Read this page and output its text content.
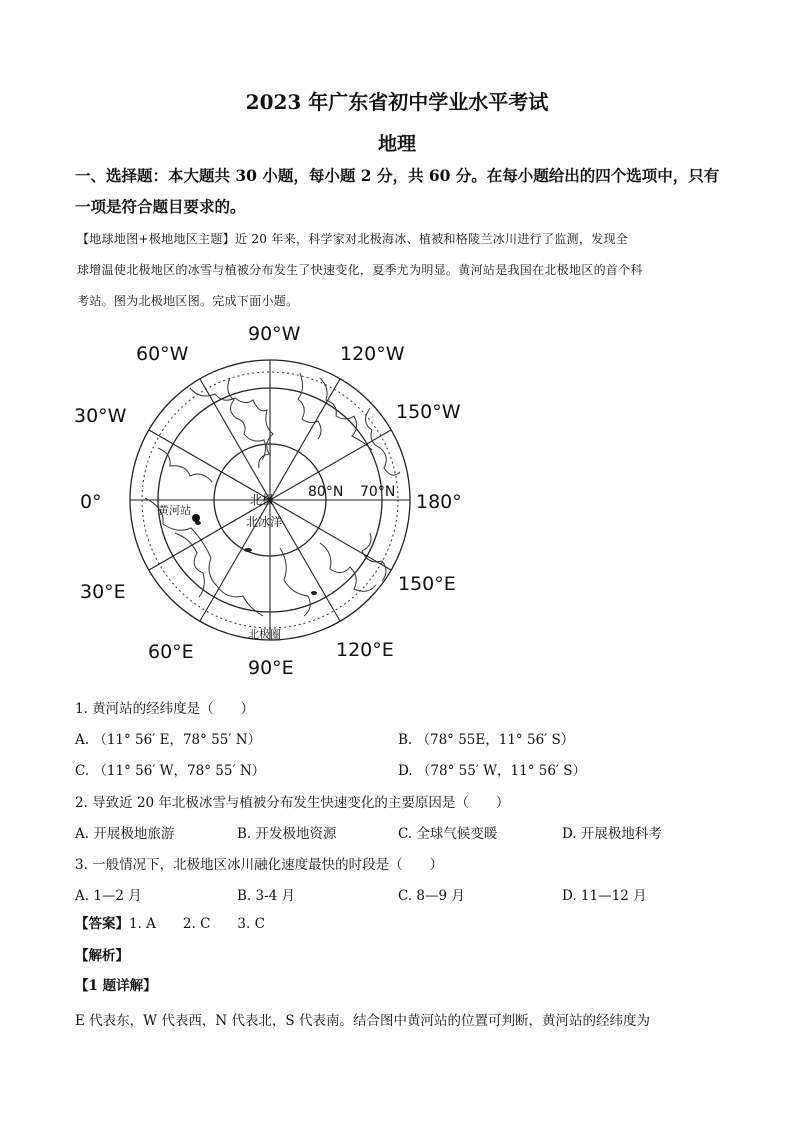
2023 年广东省初中学业水平考试
地理
一、选择题：本大题共 30 小题，每小题 2 分，共 60 分。在每小题给出的四个选项中，只有
一项是符合题目要求的。
【地球地图+极地地区主题】近 20 年来，科学家对北极海冰、植被和格陵兰冰川进行了监测，发现全
球增温使北极地区的冰雪与植被分布发生了快速变化，夏季尤为明显。黄河站是我国在北极地区的首个科
考站。图为北极地区图。完成下面小题。
黄河站
北极
北冰洋
80°N 70°N
北极圈
90°W
60°W	120°W
30°W	150°W
0°	180°
30°E	150°E
60°E	120°E
90°E
1. 黄河站的经纬度是（　　）
A. （11° 56′ E，78° 55′ N）	B. （78° 55E，11° 56′ S）
C. （11° 56′ W，78° 55′ N）	D. （78° 55′ W，11° 56′ S）
2. 导致近 20 年北极冰雪与植被分布发生快速变化的主要原因是（　　）
A. 开展极地旅游	B. 开发极地资源	C. 全球气候变暖	D. 开展极地科考
3. 一般情况下，北极地区冰川融化速度最快的时段是（　　）
A. 1—2 月	B. 3-4 月	C. 8—9 月	D. 11—12 月
【答案】1. A　　2. C　　3. C
【解析】
【1 题详解】
E 代表东，W 代表西，N 代表北，S 代表南。结合图中黄河站的位置可判断，黄河站的经纬度为
